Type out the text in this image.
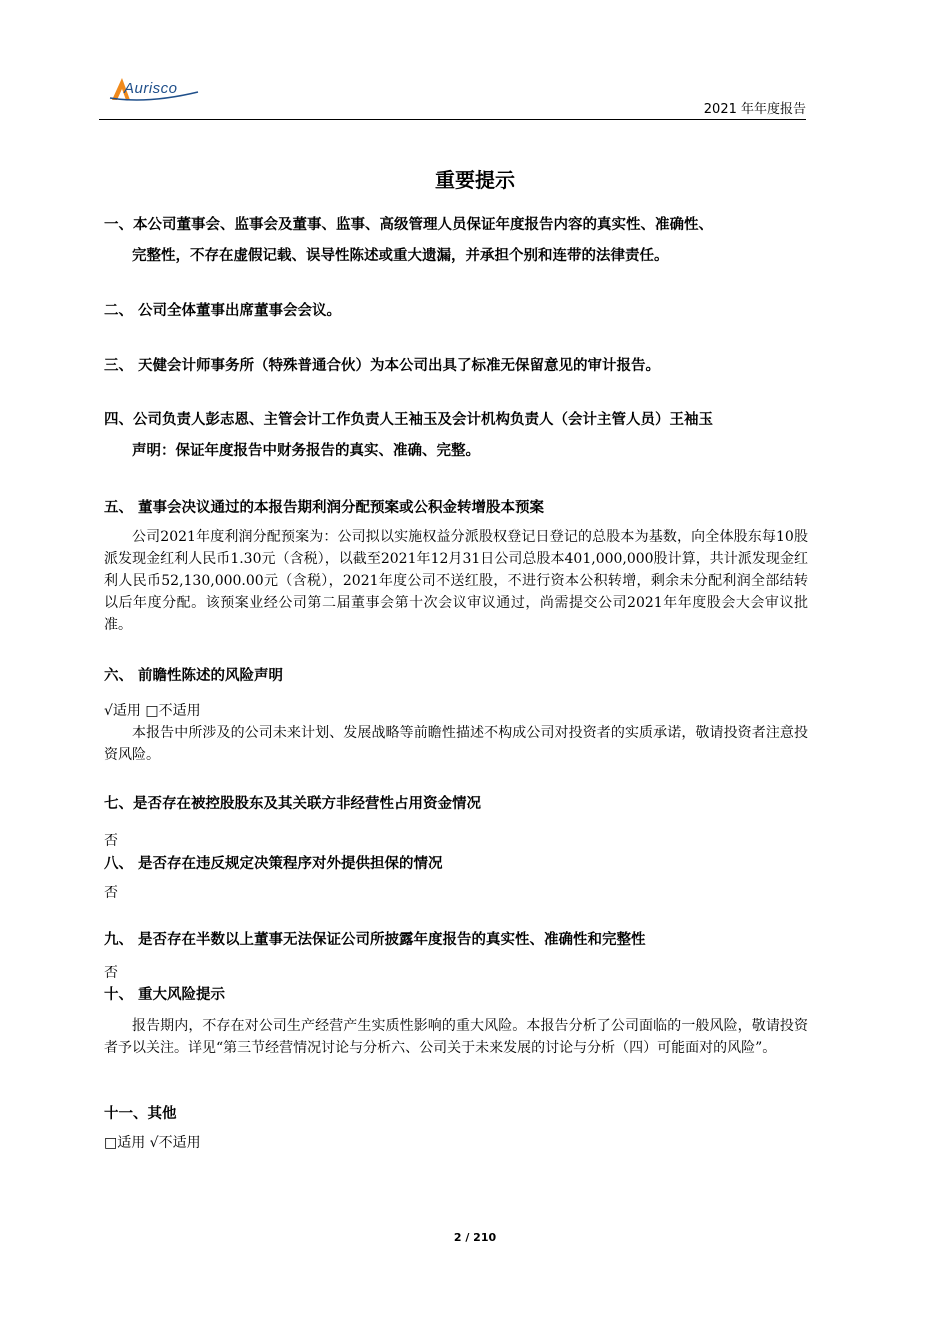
Aurisco
2021 年年度报告
重要提示
一、本公司董事会、监事会及董事、监事、高级管理人员保证年度报告内容的真实性、准确性、
完整性，不存在虚假记载、误导性陈述或重大遗漏，并承担个别和连带的法律责任。
二、 公司全体董事出席董事会会议。
三、 天健会计师事务所（特殊普通合伙）为本公司出具了标准无保留意见的审计报告。
四、公司负责人彭志恩、主管会计工作负责人王袖玉及会计机构负责人（会计主管人员）王袖玉
声明：保证年度报告中财务报告的真实、准确、完整。
五、 董事会决议通过的本报告期利润分配预案或公积金转增股本预案
公司2021年度利润分配预案为：公司拟以实施权益分派股权登记日登记的总股本为基数，向全体股东每10股派发现金红利人民币1.30元（含税），以截至2021年12月31日公司总股本401,000,000股计算，共计派发现金红利人民币52,130,000.00元（含税），2021年度公司不送红股，不进行资本公积转增，剩余未分配利润全部结转以后年度分配。该预案业经公司第二届董事会第十次会议审议通过，尚需提交公司2021年年度股会大会审议批准。
六、 前瞻性陈述的风险声明
√适用 □不适用
本报告中所涉及的公司未来计划、发展战略等前瞻性描述不构成公司对投资者的实质承诺，敬请投资者注意投资风险。
七、是否存在被控股股东及其关联方非经营性占用资金情况
否
八、 是否存在违反规定决策程序对外提供担保的情况
否
九、 是否存在半数以上董事无法保证公司所披露年度报告的真实性、准确性和完整性
否
十、 重大风险提示
报告期内，不存在对公司生产经营产生实质性影响的重大风险。本报告分析了公司面临的一般风险，敬请投资者予以关注。详见“第三节经营情况讨论与分析六、公司关于未来发展的讨论与分析（四）可能面对的风险”。
十一、其他
□适用 √不适用
2 / 210
